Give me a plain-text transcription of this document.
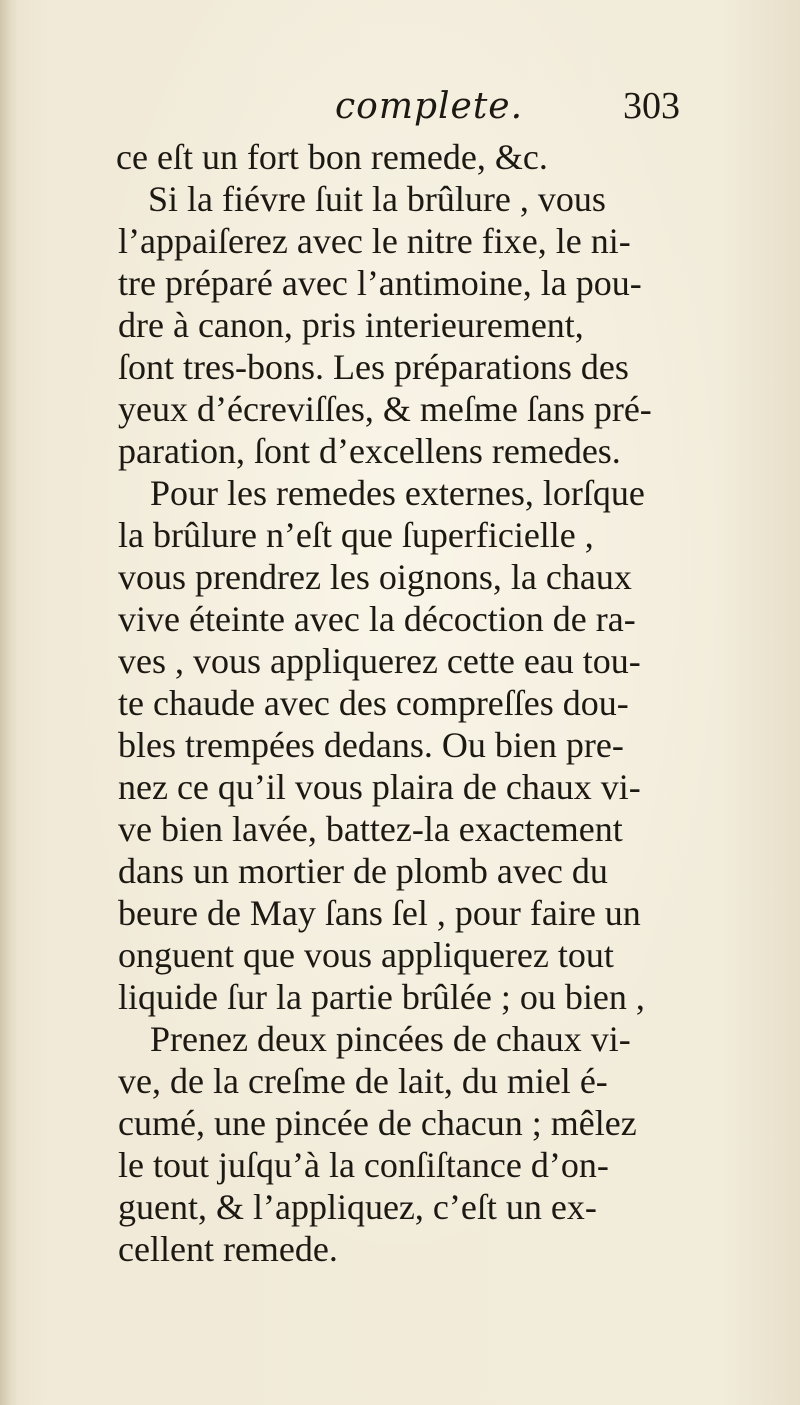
complete.	303
ce eſt un fort bon remede, &c.
Si la fiévre ſuit la brûlure , vous
l’appaiſerez avec le nitre fixe, le ni-
tre préparé avec l’antimoine, la pou-
dre à canon, pris interieurement,
ſont tres-bons. Les préparations des
yeux d’écreviſſes, & meſme ſans pré-
paration, ſont d’excellens remedes.
Pour les remedes externes, lorſque
la brûlure n’eſt que ſuperficielle ,
vous prendrez les oignons, la chaux
vive éteinte avec la décoction de ra-
ves , vous appliquerez cette eau tou-
te chaude avec des compreſſes dou-
bles trempées dedans. Ou bien pre-
nez ce qu’il vous plaira de chaux vi-
ve bien lavée, battez-la exactement
dans un mortier de plomb avec du
beure de May ſans ſel , pour faire un
onguent que vous appliquerez tout
liquide ſur la partie brûlée ; ou bien ,
Prenez deux pincées de chaux vi-
ve, de la creſme de lait, du miel é-
cumé, une pincée de chacun ; mêlez
le tout juſqu’à la conſiſtance d’on-
guent, & l’appliquez, c’eſt un ex-
cellent remede.
